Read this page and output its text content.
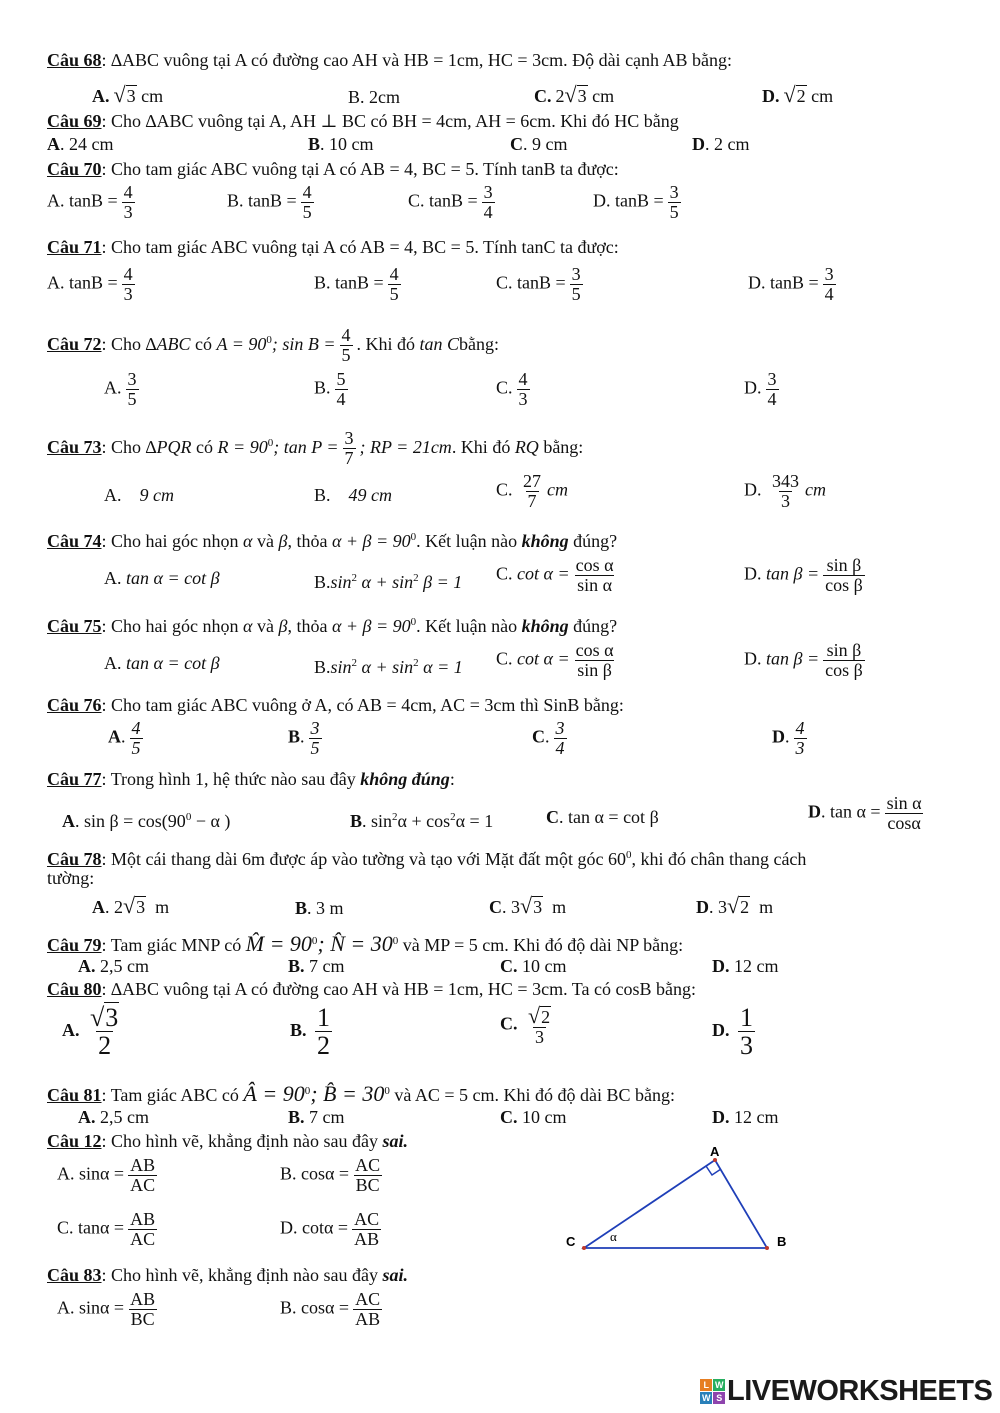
Câu 68: ∆ABC vuông tại A có đường cao AH và HB = 1cm, HC = 3cm. Độ dài cạnh AB bằng:
A. √3 cm	B. 2cm	C. 2√3 cm	D. √2 cm
Câu 69: Cho ∆ABC vuông tại A, AH ⊥ BC có BH = 4cm, AH = 6cm. Khi đó HC bằng
A. 24 cm	B. 10 cm	C. 9 cm	D. 2 cm
Câu 70: Cho tam giác ABC vuông tại A có AB = 4, BC = 5. Tính tanB ta được:
A. $\tan B = \frac{4}{3}$	B. $\tan B = \frac{4}{5}$	C. $\tan B = \frac{3}{4}$	D. $\tan B = \frac{3}{5}$
Câu 71: Cho tam giác ABC vuông tại A có AB = 4, BC = 5. Tính tanC ta được:
A. $\tan B = \frac{4}{3}$	B. $\tan B = \frac{4}{5}$	C. $\tan B = \frac{3}{5}$	D. $\tan B = \frac{3}{4}$
Câu 72: Cho ∆ABC có $A = 90^0$; $\sin B = \frac{4}{5}$ . Khi đó tan Cbằng:
A. $\frac{3}{5}$	B. $\frac{5}{4}$	C. $\frac{4}{3}$	D. $\frac{3}{4}$
Câu 73: Cho ∆PQR có $R = 90^0$; $\tan P = \frac{3}{7}$ ; RP = 21cm. Khi đó RQ bằng:
A. 9 cm	B. 49 cm	C. $\frac{27}{7}$ cm	D. $\frac{343}{3}$ cm
Câu 74: Cho hai góc nhọn α và β, thỏa $\alpha + \beta = 90^0$. Kết luận nào không đúng?
A. tan α = cot β	$B.\sin^2$ $\alpha + \sin^2 \beta = 1$ C. $\cot \alpha = \frac{\text{cos α}}{\text{sin α}}$	D. $\tan \beta = \frac{\text{sin β}}{\text{cos β}}$
Câu 75: Cho hai góc nhọn α và β, thỏa $\alpha + \beta = 90^0$. Kết luận nào không đúng?
A. tan α = cot β	$B.\sin^2$ $\alpha + \sin^2 \alpha = 1$ C. $\cot \alpha = \frac{\text{cos α}}{\text{sin β}}$	D. $\tan \beta = \frac{\text{sin β}}{\text{cos β}}$
Câu 76: Cho tam giác ABC vuông ở A, có AB = 4cm, AC = 3cm thì SinB bằng:
A. $\frac{4}{5}$	B. $\frac{3}{5}$	C. $\frac{3}{4}$	D. $\frac{4}{3}$
Câu 77: Trong hình 1, hệ thức nào sau đây không đúng:
A. $\sin \beta = \cos(90^0 - \alpha$ )	B. $\sin^2\alpha + \cos^2\alpha = 1$	C. tan α = cot β	D. $\tan \alpha = \frac{\text{sin α}}{\cos\alpha}$
Câu 78: Một cái thang dài 6m được áp vào tường và tạo với Mặt đất một góc $60^0$, khi đó chân thang cách
tường:
A. 2√3 m	B. 3 m	C. 3√3 m	D. 3√2 m
Câu 79: Tam giác MNP có M̂ = $90^0$; N̂ = $30^0$ và MP = 5 cm. Khi đó độ dài NP bằng:
A. 2,5 cm	B. 7 cm	C. 10 cm	D. 12 cm
Câu 80: ∆ABC vuông tại A có đường cao AH và HB = 1cm, HC = 3cm. Ta có cosB bằng:
A. $\frac{√3}{2}$	B. $\frac{1}{2}$	C. $\frac{√2}{3}$	D. $\frac{1}{3}$
Câu 81: Tam giác ABC có Â = $90^0$; B̂ = $30^0$ và AC = 5 cm. Khi đó độ dài BC bằng:
A. 2,5 cm	B. 7 cm	C. 10 cm	D. 12 cm
Câu 12: Cho hình vẽ, khẳng định nào sau đây sai.
A. $\sin\alpha = \frac{AB}{AC}$	B. $\cos\alpha = \frac{AC}{BC}$
C. $\tan\alpha = \frac{AB}{AC}$	D. $\cot\alpha = \frac{AC}{AB}$
A
B
C	α
Câu 83: Cho hình vẽ, khẳng định nào sau đây sai.
A. $\sin\alpha = \frac{AB}{BC}$	B. $\cos\alpha = \frac{AC}{AB}$
L W
W S LIVEWORKSHEETS
